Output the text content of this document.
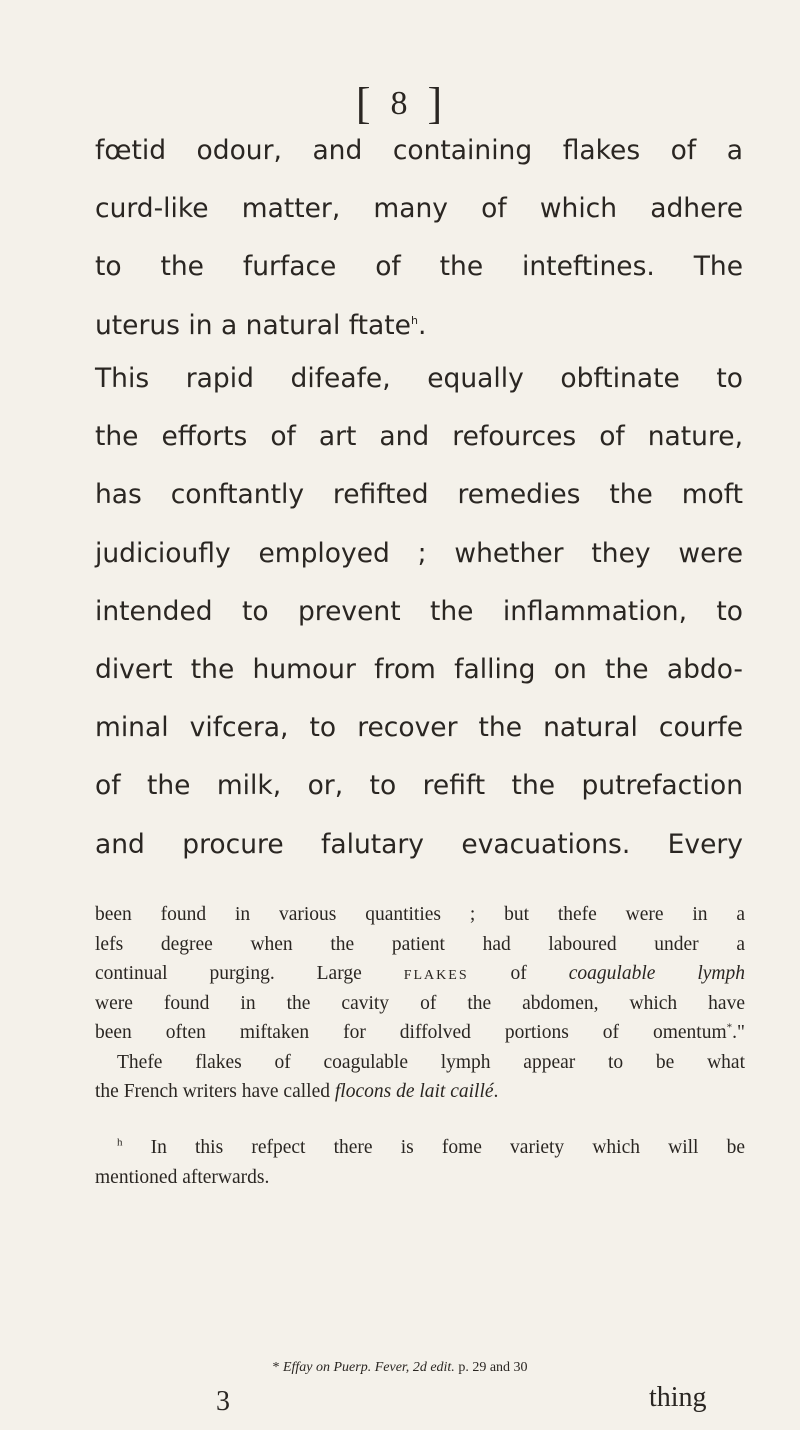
[ 8 ]
fœtid odour, and containing flakes of a
curd-like matter, many of which adhere
to the furface of the inteftines. The
uterus in a natural ftate$^h$.
This rapid difeafe, equally obftinate to
the efforts of art and refources of nature,
has conftantly refifted remedies the moft
judicioufly employed ; whether they were
intended to prevent the inflammation, to
divert the humour from falling on the abdo-
minal vifcera, to recover the natural courfe
of the milk, or, to refift the putrefaction
and procure falutary evacuations. Every
been found in various quantities ; but thefe were in a
lefs degree when the patient had laboured under a
continual purging. Large flakes of coagulable lymph
were found in the cavity of the abdomen, which have
been often miftaken for diffolved portions of omentum*."
Thefe flakes of coagulable lymph appear to be what
the French writers have called flocons de lait caillé.
$^h$ In this refpect there is fome variety which will be
mentioned afterwards.
* Effay on Puerp. Fever, 2d edit. p. 29 and 30
3	thing
